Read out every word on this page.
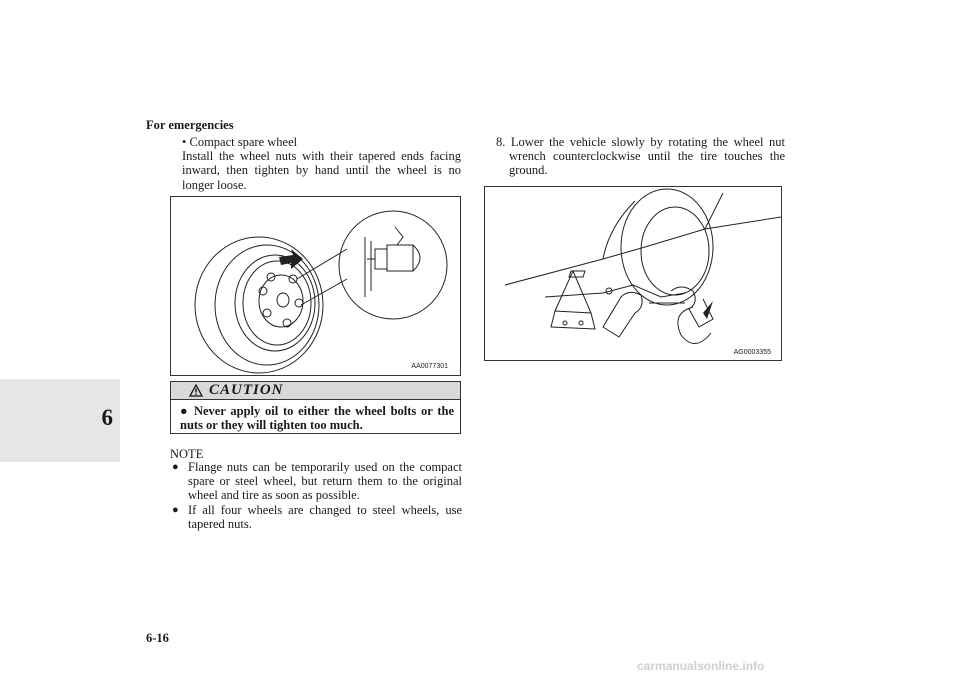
For emergencies
6
• Compact spare wheel
Install the wheel nuts with their tapered ends facing inward, then tighten by hand until the wheel is no longer loose.
AA0077301
CAUTION
● Never apply oil to either the wheel bolts or the nuts or they will tighten too much.
NOTE
● Flange nuts can be temporarily used on the compact spare or steel wheel, but return them to the original wheel and tire as soon as possible.
● If all four wheels are changed to steel wheels, use tapered nuts.
8. Lower the vehicle slowly by rotating the wheel nut wrench counterclockwise until the tire touches the ground.
AG0003355
6-16
carmanualsonline.info
